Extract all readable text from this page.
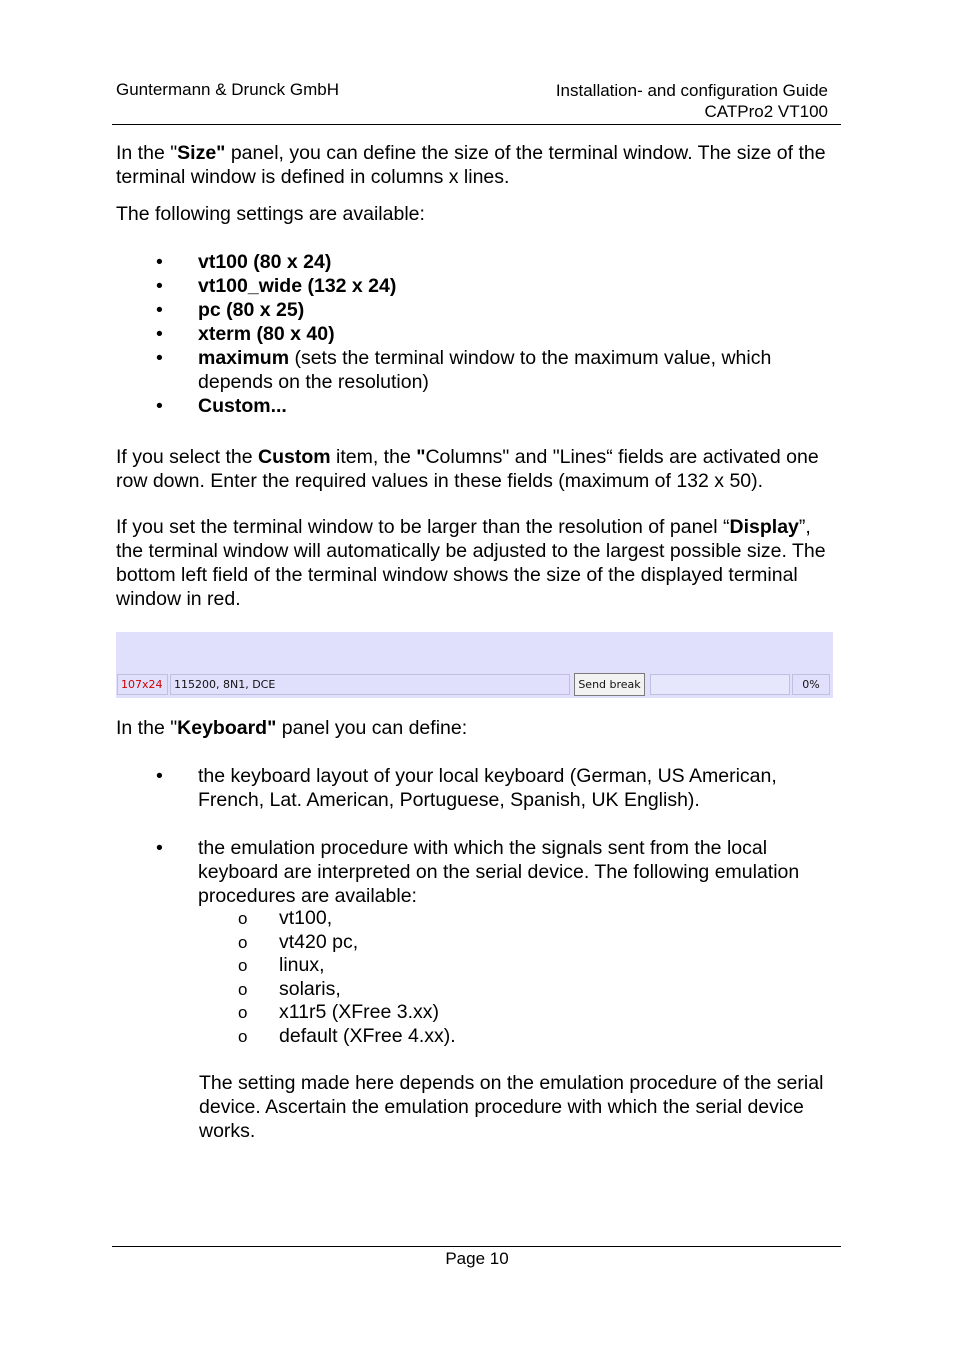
Guntermann & Drunck GmbH	Installation- and configuration Guide
CATPro2 VT100

In the "Size" panel, you can define the size of the terminal window. The size of the terminal window is defined in columns x lines.

The following settings are available:

• vt100 (80 x 24)
• vt100_wide (132 x 24)
• pc (80 x 25)
• xterm (80 x 40)
• maximum (sets the terminal window to the maximum value, which depends on the resolution)
• Custom...

If you select the Custom item, the "Columns" and "Lines“ fields are activated one row down. Enter the required values in these fields (maximum of 132 x 50).

If you set the terminal window to be larger than the resolution of panel “Display”, the terminal window will automatically be adjusted to the largest possible size. The bottom left field of the terminal window shows the size of the displayed terminal window in red.

107x24	115200, 8N1, DCE	Send break	0%

In the "Keyboard" panel you can define:

• the keyboard layout of your local keyboard (German, US American, French, Lat. American, Portuguese, Spanish, UK English).
• the emulation procedure with which the signals sent from the local keyboard are interpreted on the serial device. The following emulation procedures are available:
o vt100,
o vt420 pc,
o linux,
o solaris,
o x11r5 (XFree 3.xx)
o default (XFree 4.xx).

The setting made here depends on the emulation procedure of the serial device. Ascertain the emulation procedure with which the serial device works.

Page 10
